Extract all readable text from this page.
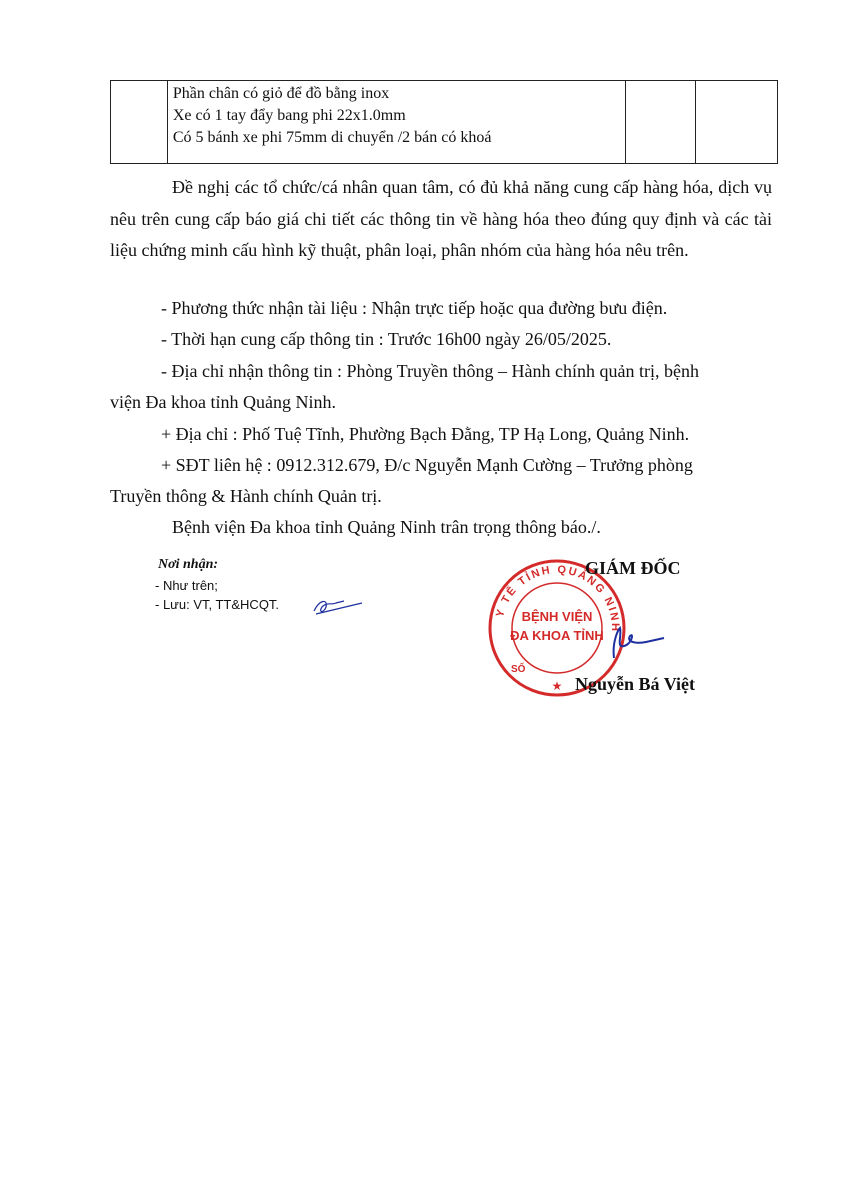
Phần chân có giỏ để đồ bằng inox
Xe có 1 tay đẩy bang phi 22x1.0mm
Có 5 bánh xe phi 75mm di chuyển /2 bán có khoá

Đề nghị các tổ chức/cá nhân quan tâm, có đủ khả năng cung cấp hàng hóa, dịch vụ nêu trên cung cấp báo giá chi tiết các thông tin về hàng hóa theo đúng quy định và các tài liệu chứng minh cấu hình kỹ thuật, phân loại, phân nhóm của hàng hóa nêu trên.

- Phương thức nhận tài liệu : Nhận trực tiếp hoặc qua đường bưu điện.

- Thời hạn cung cấp thông tin : Trước 16h00 ngày 26/05/2025.

- Địa chỉ nhận thông tin : Phòng Truyền thông – Hành chính quản trị, bệnh

viện Đa khoa tỉnh Quảng Ninh.

+ Địa chỉ : Phố Tuệ Tĩnh, Phường Bạch Đằng, TP Hạ Long, Quảng Ninh.

+ SĐT liên hệ : 0912.312.679, Đ/c Nguyễn Mạnh Cường – Trưởng phòng

Truyền thông & Hành chính Quản trị.

Bệnh viện Đa khoa tỉnh Quảng Ninh trân trọng thông báo./.

Nơi nhận:
- Như trên;
- Lưu: VT, TT&HCQT.
Y TẾ TỈNH QUẢNG NINH
BỆNH VIỆN
ĐA KHOA TỈNH
SỐ
★
GIÁM ĐỐC
Nguyễn Bá Việt
